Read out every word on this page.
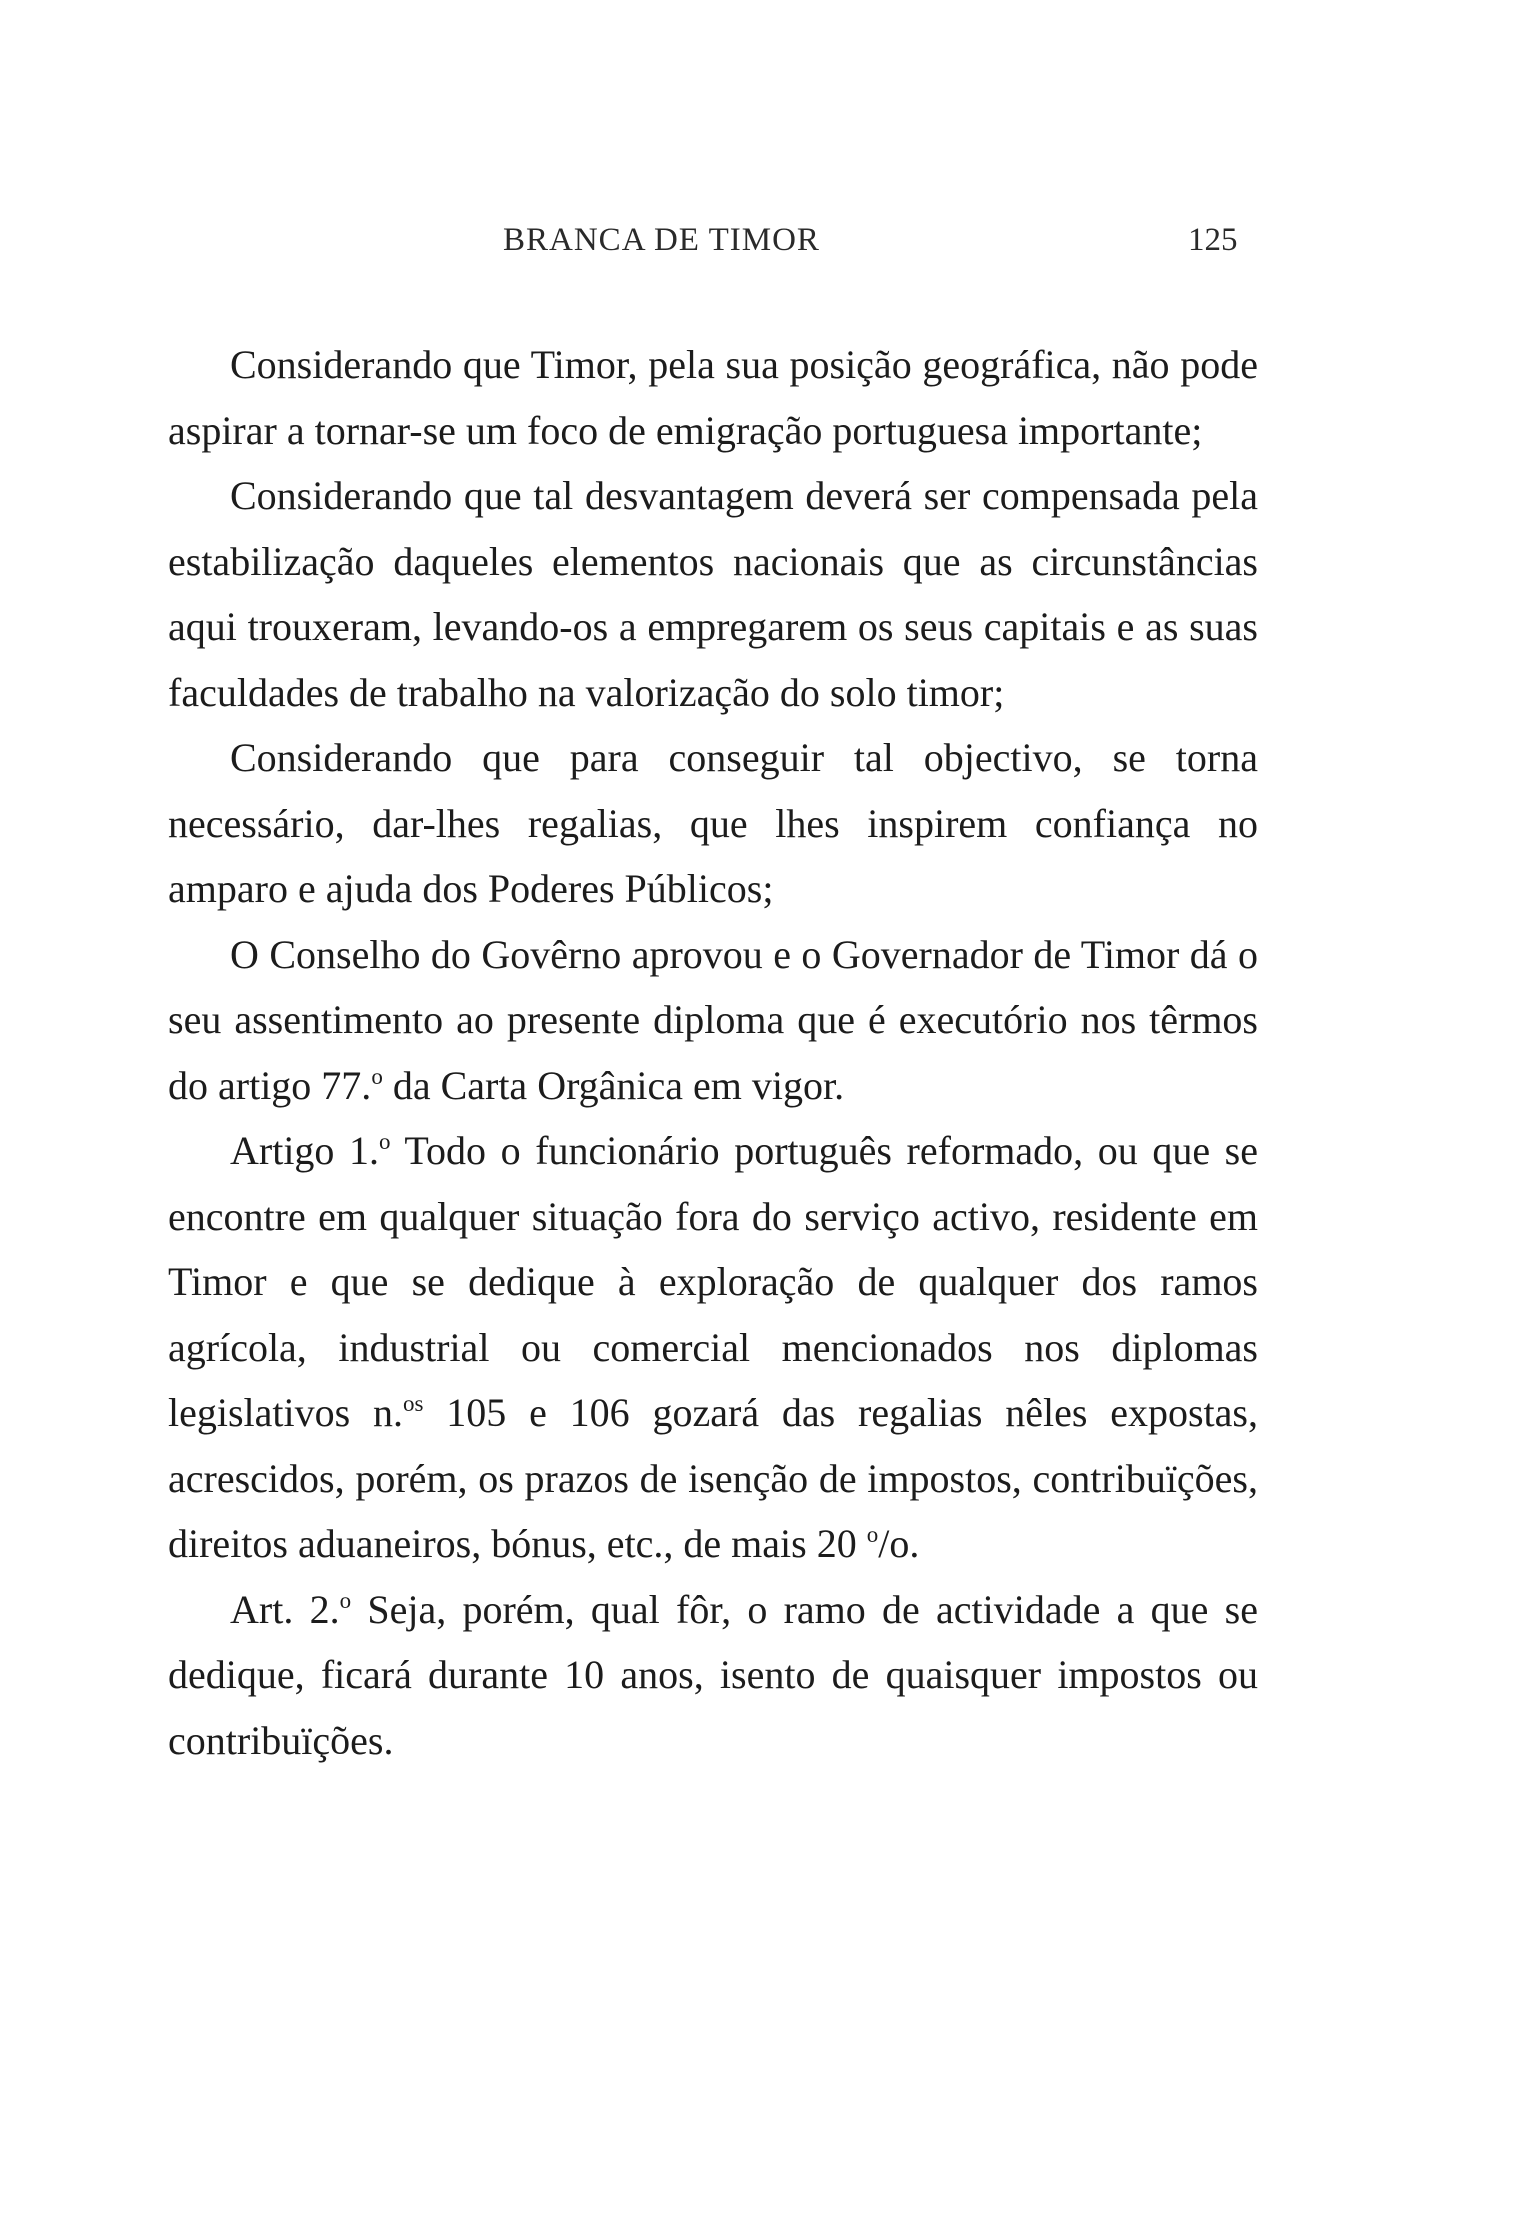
BRANCA DE TIMOR	125

Considerando que Timor, pela sua posição geográfica, não pode aspirar a tornar-se um foco de emigração portuguesa importante;

Considerando que tal desvantagem deverá ser compensada pela estabilização daqueles elementos nacionais que as circunstâncias aqui trouxeram, levando-os a empregarem os seus capitais e as suas faculdades de trabalho na valorização do solo timor;

Considerando que para conseguir tal objectivo, se torna necessário, dar-lhes regalias, que lhes inspirem confiança no amparo e ajuda dos Poderes Públicos;

O Conselho do Govêrno aprovou e o Governador de Timor dá o seu assentimento ao presente diploma que é executório nos têrmos do artigo 77.$^o$ da Carta Orgânica em vigor.

Artigo 1.$^o$ Todo o funcionário português reformado, ou que se encontre em qualquer situação fora do serviço activo, residente em Timor e que se dedique à exploração de qualquer dos ramos agrícola, industrial ou comercial mencionados nos diplomas legislativos n.$^{os}$ 105 e 106 gozará das regalias nêles expostas, acrescidos, porém, os prazos de isenção de impostos, contribuïções, direitos aduaneiros, bónus, etc., de mais 20 $^o$/o.

Art. 2.$^o$ Seja, porém, qual fôr, o ramo de actividade a que se dedique, ficará durante 10 anos, isento de quaisquer impostos ou contribuïções.
